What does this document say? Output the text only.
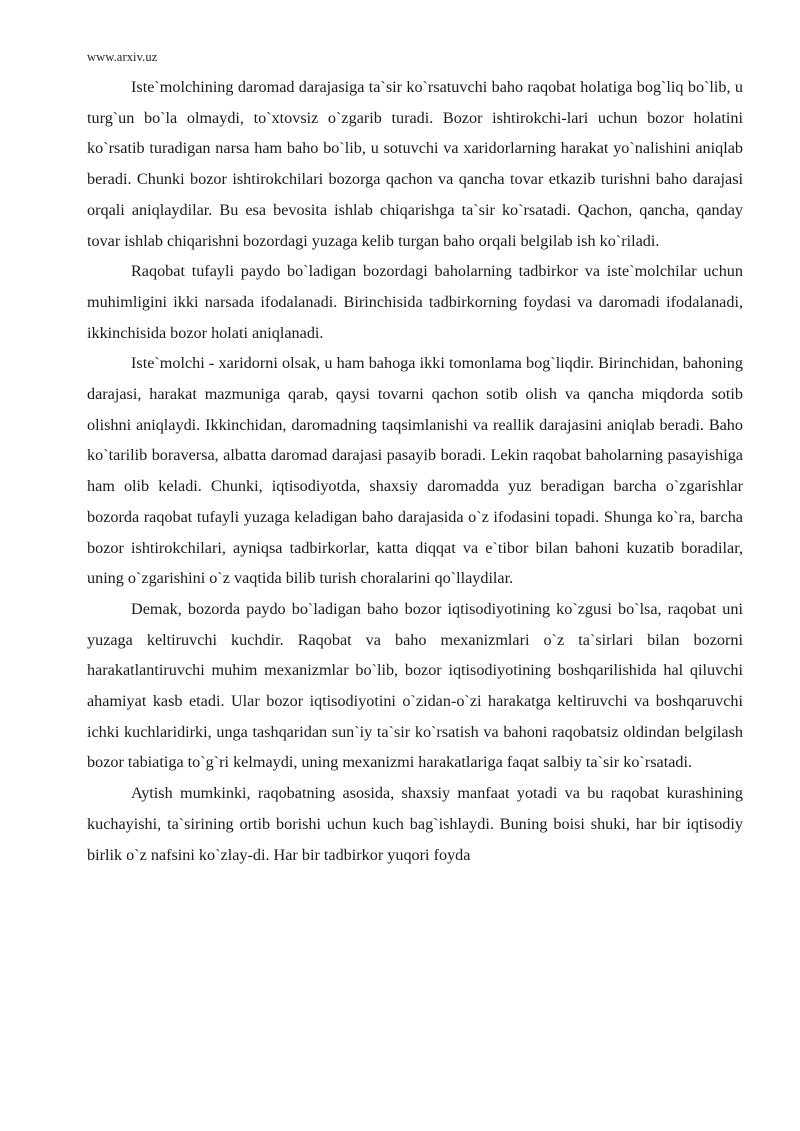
www.arxiv.uz

Iste`molchining daromad darajasiga ta`sir ko`rsatuvchi baho raqobat holatiga bog`liq bo`lib, u turg`un bo`la olmaydi, to`xtovsiz o`zgarib turadi. Bozor ishtirokchi-lari uchun bozor holatini ko`rsatib turadigan narsa ham baho bo`lib, u sotuvchi va xaridorlarning harakat yo`nalishini aniqlab beradi. Chunki bozor ishtirokchilari bozorga qachon va qancha tovar etkazib turishni baho darajasi orqali aniqlaydilar. Bu esa bevosita ishlab chiqarishga ta`sir ko`rsatadi. Qachon, qancha, qanday tovar ishlab chiqarishni bozordagi yuzaga kelib turgan baho orqali belgilab ish ko`riladi.

Raqobat tufayli paydo bo`ladigan bozordagi baholarning tadbirkor va iste`molchilar uchun muhimligini ikki narsada ifodalanadi. Birinchisida tadbirkorning foydasi va daromadi ifodalanadi, ikkinchisida bozor holati aniqlanadi.

Iste`molchi - xaridorni olsak, u ham bahoga ikki tomonlama bog`liqdir. Birinchidan, bahoning darajasi, harakat mazmuniga qarab, qaysi tovarni qachon sotib olish va qancha miqdorda sotib olishni aniqlaydi. Ikkinchidan, daromadning taqsimlanishi va reallik darajasini aniqlab beradi. Baho ko`tarilib boraversa, albatta daromad darajasi pasayib boradi. Lekin raqobat baholarning pasayishiga ham olib keladi. Chunki, iqtisodiyotda, shaxsiy daromadda yuz beradigan barcha o`zgarishlar bozorda raqobat tufayli yuzaga keladigan baho darajasida o`z ifodasini topadi. Shunga ko`ra, barcha bozor ishtirokchilari, ayniqsa tadbirkorlar, katta diqqat va e`tibor bilan bahoni kuzatib boradilar, uning o`zgarishini o`z vaqtida bilib turish choralarini qo`llaydilar.

Demak, bozorda paydo bo`ladigan baho bozor iqtisodiyotining ko`zgusi bo`lsa, raqobat uni yuzaga keltiruvchi kuchdir. Raqobat va baho mexanizmlari o`z ta`sirlari bilan bozorni harakatlantiruvchi muhim mexanizmlar bo`lib, bozor iqtisodiyotining boshqarilishida hal qiluvchi ahamiyat kasb etadi. Ular bozor iqtisodiyotini o`zidan-o`zi harakatga keltiruvchi va boshqaruvchi ichki kuchlaridirki, unga tashqaridan sun`iy ta`sir ko`rsatish va bahoni raqobatsiz oldindan belgilash bozor tabiatiga to`g`ri kelmaydi, uning mexanizmi harakatlariga faqat salbiy ta`sir ko`rsatadi.

Aytish mumkinki, raqobatning asosida, shaxsiy manfaat yotadi va bu raqobat kurashining kuchayishi, ta`sirining ortib borishi uchun kuch bag`ishlaydi. Buning boisi shuki, har bir iqtisodiy birlik o`z nafsini ko`zlay-di. Har bir tadbirkor yuqori foyda
